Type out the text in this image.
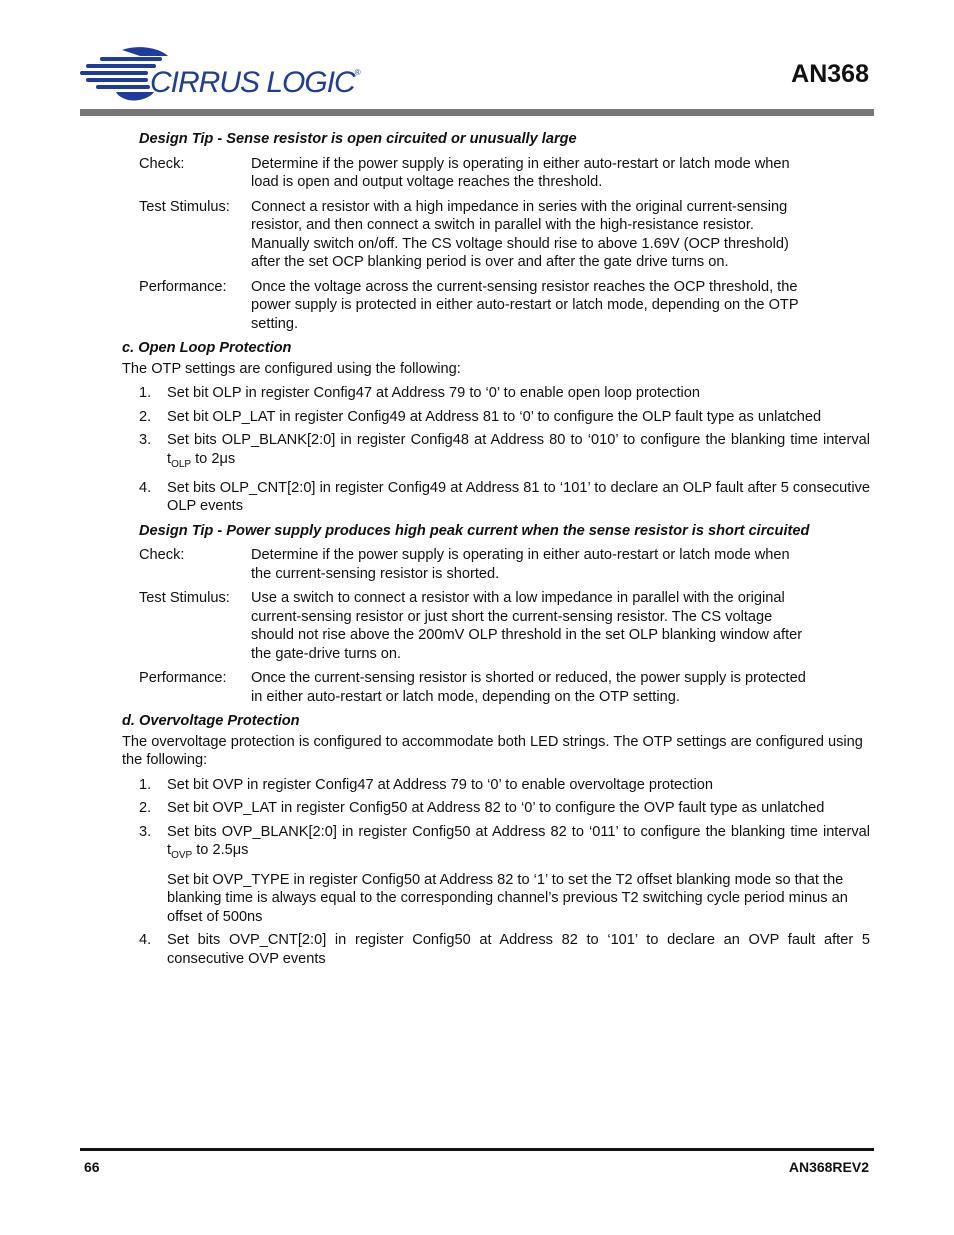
CIRRUS LOGIC®	AN368
Design Tip - Sense resistor is open circuited or unusually large
Check:	Determine if the power supply is operating in either auto-restart or latch mode when load is open and output voltage reaches the threshold.
Test Stimulus:	Connect a resistor with a high impedance in series with the original current-sensing resistor, and then connect a switch in parallel with the high-resistance resistor. Manually switch on/off. The CS voltage should rise to above 1.69V (OCP threshold) after the set OCP blanking period is over and after the gate drive turns on.
Performance:	Once the voltage across the current-sensing resistor reaches the OCP threshold, the power supply is protected in either auto-restart or latch mode, depending on the OTP setting.
c. Open Loop Protection

The OTP settings are configured using the following:

1.	Set bit OLP in register Config47 at Address 79 to ‘0’ to enable open loop protection
2.	Set bit OLP_LAT in register Config49 at Address 81 to ‘0’ to configure the OLP fault type as unlatched
3.	Set bits OLP_BLANK[2:0] in register Config48 at Address 80 to ‘010’ to configure the blanking time interval $t_{OLP}$ to 2μs
4.	Set bits OLP_CNT[2:0] in register Config49 at Address 81 to ‘101’ to declare an OLP fault after 5 consecutive OLP events
Design Tip - Power supply produces high peak current when the sense resistor is short circuited
Check:	Determine if the power supply is operating in either auto-restart or latch mode when the current-sensing resistor is shorted.
Test Stimulus:	Use a switch to connect a resistor with a low impedance in parallel with the original current-sensing resistor or just short the current-sensing resistor. The CS voltage should not rise above the 200mV OLP threshold in the set OLP blanking window after the gate-drive turns on.
Performance:	Once the current-sensing resistor is shorted or reduced, the power supply is protected in either auto-restart or latch mode, depending on the OTP setting.
d. Overvoltage Protection

The overvoltage protection is configured to accommodate both LED strings. The OTP settings are configured using the following:

1.	Set bit OVP in register Config47 at Address 79 to ‘0’ to enable overvoltage protection
2.	Set bit OVP_LAT in register Config50 at Address 82 to ‘0’ to configure the OVP fault type as unlatched
3.	Set bits OVP_BLANK[2:0] in register Config50 at Address 82 to ‘011’ to configure the blanking time interval $t_{OVP}$ to 2.5μs
Set bit OVP_TYPE in register Config50 at Address 82 to ‘1’ to set the T2 offset blanking mode so that the blanking time is always equal to the corresponding channel’s previous T2 switching cycle period minus an offset of 500ns
4.	Set bits OVP_CNT[2:0] in register Config50 at Address 82 to ‘101’ to declare an OVP fault after 5 consecutive OVP events
66	AN368REV2
